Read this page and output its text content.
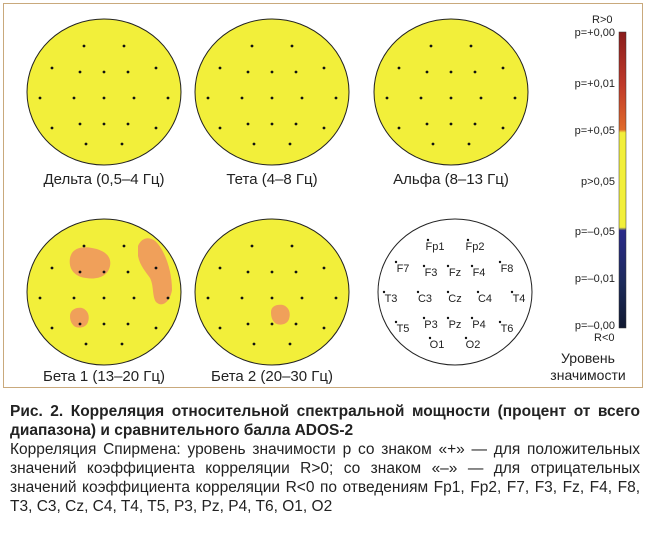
Fp1 Fp2
F7 F3 Fz F4 F8
T3 C3 Cz C4 T4
T5 P3 Pz P4 T6
O1 O2
Дельта (0,5–4 Гц)	Тета (4–8 Гц)	Альфа (8–13 Гц)
Бета 1 (13–20 Гц)	Бета 2 (20–30 Гц)
R>0
p=+0,00
p=+0,01
p=+0,05
p>0,05
p=–0,05
p=–0,01
p=–0,00
R<0
Уровень
значимости
Рис. 2. Корреляция относительной спектральной мощности (процент от всего диапазона) и сравнительного балла ADOS-2
Корреляция Спирмена: уровень значимости p со знаком «+» — для положительных значений коэффициента корреляции R>0; со знаком «–» — для отрицательных значений коэффициента корреляции R<0 по отведениям Fp1, Fp2, F7, F3, Fz, F4, F8, T3, C3, Cz, C4, T4, T5, P3, Pz, P4, T6, O1, O2
